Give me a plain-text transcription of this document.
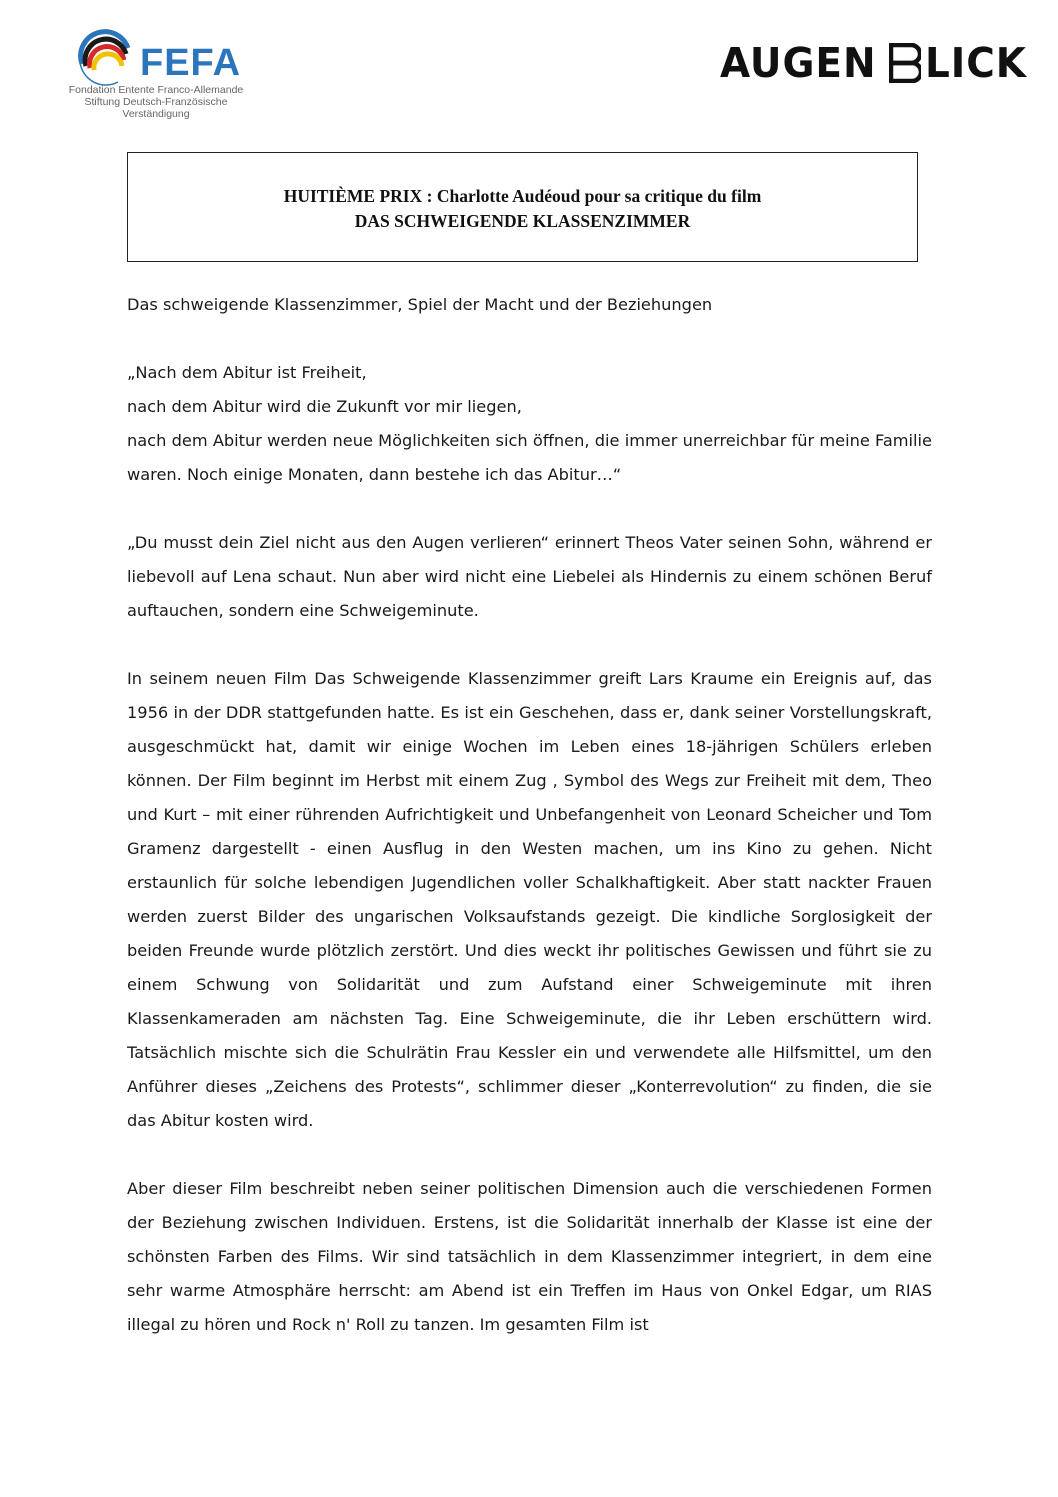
FEFA
Fondation Entente Franco-Allemande
Stiftung Deutsch-Französische Verständigung
AUGEN LICK
HUITIÈME PRIX : Charlotte Audéoud pour sa critique du film
DAS SCHWEIGENDE KLASSENZIMMER

Das schweigende Klassenzimmer, Spiel der Macht und der Beziehungen

„Nach dem Abitur ist Freiheit,

nach dem Abitur wird die Zukunft vor mir liegen,

nach dem Abitur werden neue Möglichkeiten sich öffnen, die immer unerreichbar für meine Familie waren. Noch einige Monaten, dann bestehe ich das Abitur…“

„Du musst dein Ziel nicht aus den Augen verlieren“ erinnert Theos Vater seinen Sohn, während er liebevoll auf Lena schaut. Nun aber wird nicht eine Liebelei als Hindernis zu einem schönen Beruf auftauchen, sondern eine Schweigeminute.

In seinem neuen Film Das Schweigende Klassenzimmer greift Lars Kraume ein Ereignis auf, das 1956 in der DDR stattgefunden hatte. Es ist ein Geschehen, dass er, dank seiner Vorstellungskraft, ausgeschmückt hat, damit wir einige Wochen im Leben eines 18-jährigen Schülers erleben können. Der Film beginnt im Herbst mit einem Zug , Symbol des Wegs zur Freiheit mit dem, Theo und Kurt – mit einer rührenden Aufrichtigkeit und Unbefangenheit von Leonard Scheicher und Tom Gramenz dargestellt - einen Ausflug in den Westen machen, um ins Kino zu gehen. Nicht erstaunlich für solche lebendigen Jugendlichen voller Schalkhaftigkeit. Aber statt nackter Frauen werden zuerst Bilder des ungarischen Volksaufstands gezeigt. Die kindliche Sorglosigkeit der beiden Freunde wurde plötzlich zerstört. Und dies weckt ihr politisches Gewissen und führt sie zu einem Schwung von Solidarität und zum Aufstand einer Schweigeminute mit ihren Klassenkameraden am nächsten Tag. Eine Schweigeminute, die ihr Leben erschüttern wird. Tatsächlich mischte sich die Schulrätin Frau Kessler ein und verwendete alle Hilfsmittel, um den Anführer dieses „Zeichens des Protests“, schlimmer dieser „Konterrevolution“ zu finden, die sie das Abitur kosten wird.

Aber dieser Film beschreibt neben seiner politischen Dimension auch die verschiedenen Formen der Beziehung zwischen Individuen. Erstens, ist die Solidarität innerhalb der Klasse ist eine der schönsten Farben des Films. Wir sind tatsächlich in dem Klassenzimmer integriert, in dem eine sehr warme Atmosphäre herrscht: am Abend ist ein Treffen im Haus von Onkel Edgar, um RIAS illegal zu hören und Rock n' Roll zu tanzen. Im gesamten Film ist
